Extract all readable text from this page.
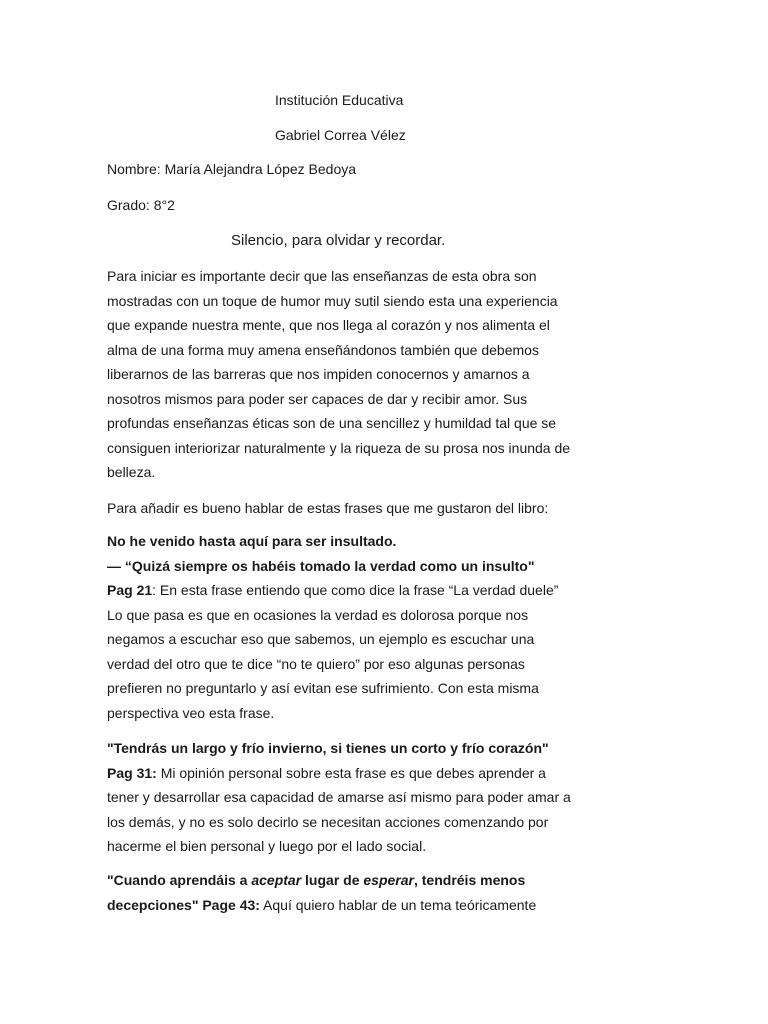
Institución Educativa
Gabriel Correa Vélez
Nombre: María Alejandra López Bedoya
Grado: 8°2
Silencio, para olvidar y recordar.

Para iniciar es importante decir que las enseñanzas de esta obra son
mostradas con un toque de humor muy sutil siendo esta una experiencia
que expande nuestra mente, que nos llega al corazón y nos alimenta el
alma de una forma muy amena enseñándonos también que debemos
liberarnos de las barreras que nos impiden conocernos y amarnos a
nosotros mismos para poder ser capaces de dar y recibir amor. Sus
profundas enseñanzas éticas son de una sencillez y humildad tal que se
consiguen interiorizar naturalmente y la riqueza de su prosa nos inunda de
belleza.

Para añadir es bueno hablar de estas frases que me gustaron del libro:

No he venido hasta aquí para ser insultado.
— “Quizá siempre os habéis tomado la verdad como un insulto"
Pag 21: En esta frase entiendo que como dice la frase “La verdad duele”
Lo que pasa es que en ocasiones la verdad es dolorosa porque nos
negamos a escuchar eso que sabemos, un ejemplo es escuchar una
verdad del otro que te dice “no te quiero” por eso algunas personas
prefieren no preguntarlo y así evitan ese sufrimiento. Con esta misma
perspectiva veo esta frase.

"Tendrás un largo y frío invierno, si tienes un corto y frío corazón"
Pag 31: Mi opinión personal sobre esta frase es que debes aprender a
tener y desarrollar esa capacidad de amarse así mismo para poder amar a
los demás, y no es solo decirlo se necesitan acciones comenzando por
hacerme el bien personal y luego por el lado social.

"Cuando aprendáis a aceptar lugar de esperar, tendréis menos
decepciones" Page 43: Aquí quiero hablar de un tema teóricamente
